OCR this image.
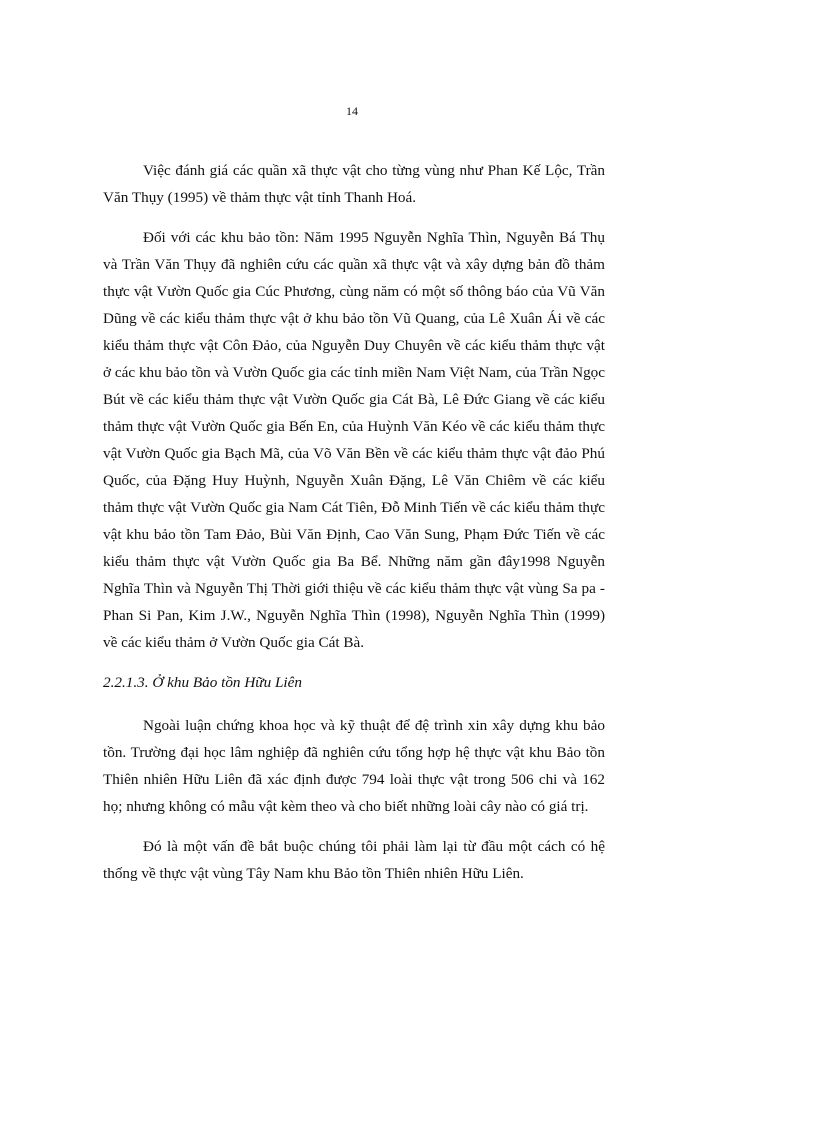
14

Việc đánh giá các quần xã thực vật cho từng vùng như Phan Kế Lộc, Trần Văn Thụy (1995) về thảm thực vật tỉnh Thanh Hoá.

Đối với các khu bảo tồn: Năm 1995 Nguyễn Nghĩa Thìn, Nguyễn Bá Thụ và Trần Văn Thụy đã nghiên cứu các quần xã thực vật và xây dựng bản đồ thảm thực vật Vườn Quốc gia Cúc Phương, cùng năm có một số thông báo của Vũ Văn Dũng về các kiểu thảm thực vật ở khu bảo tồn Vũ Quang, của Lê Xuân Ái về các kiểu thảm thực vật Côn Đảo, của Nguyễn Duy Chuyên về các kiểu thảm thực vật ở các khu bảo tồn và Vườn Quốc gia các tỉnh miền Nam Việt Nam, của Trần Ngọc Bút về các kiểu thảm thực vật Vườn Quốc gia Cát Bà, Lê Đức Giang về các kiểu thảm thực vật Vườn Quốc gia Bến En, của Huỳnh Văn Kéo về các kiểu thảm thực vật Vườn Quốc gia Bạch Mã, của Võ Văn Bền về các kiểu thảm thực vật đảo Phú Quốc, của Đặng Huy Huỳnh, Nguyễn Xuân Đặng, Lê Văn Chiêm về các kiểu thảm thực vật Vườn Quốc gia Nam Cát Tiên, Đỗ Minh Tiến về các kiểu thảm thực vật khu bảo tồn Tam Đảo, Bùi Văn Định, Cao Văn Sung, Phạm Đức Tiến về các kiểu thảm thực vật Vườn Quốc gia Ba Bể. Những năm gần đây1998 Nguyễn Nghĩa Thìn và Nguyễn Thị Thời giới thiệu về các kiểu thảm thực vật vùng Sa pa - Phan Si Pan, Kim J.W., Nguyễn Nghĩa Thìn (1998), Nguyễn Nghĩa Thìn (1999) về các kiểu thảm ở Vườn Quốc gia Cát Bà.

2.2.1.3. Ở khu Bảo tồn Hữu Liên

Ngoài luận chứng khoa học và kỹ thuật để đệ trình xin xây dựng khu bảo tồn. Trường đại học lâm nghiệp đã nghiên cứu tổng hợp hệ thực vật khu Bảo tồn Thiên nhiên Hữu Liên đã xác định được 794 loài thực vật trong 506 chi và 162 họ; nhưng không có mẫu vật kèm theo và cho biết những loài cây nào có giá trị.

Đó là một vấn đề bắt buộc chúng tôi phải làm lại từ đầu một cách có hệ thống về thực vật vùng Tây Nam khu Bảo tồn Thiên nhiên Hữu Liên.
